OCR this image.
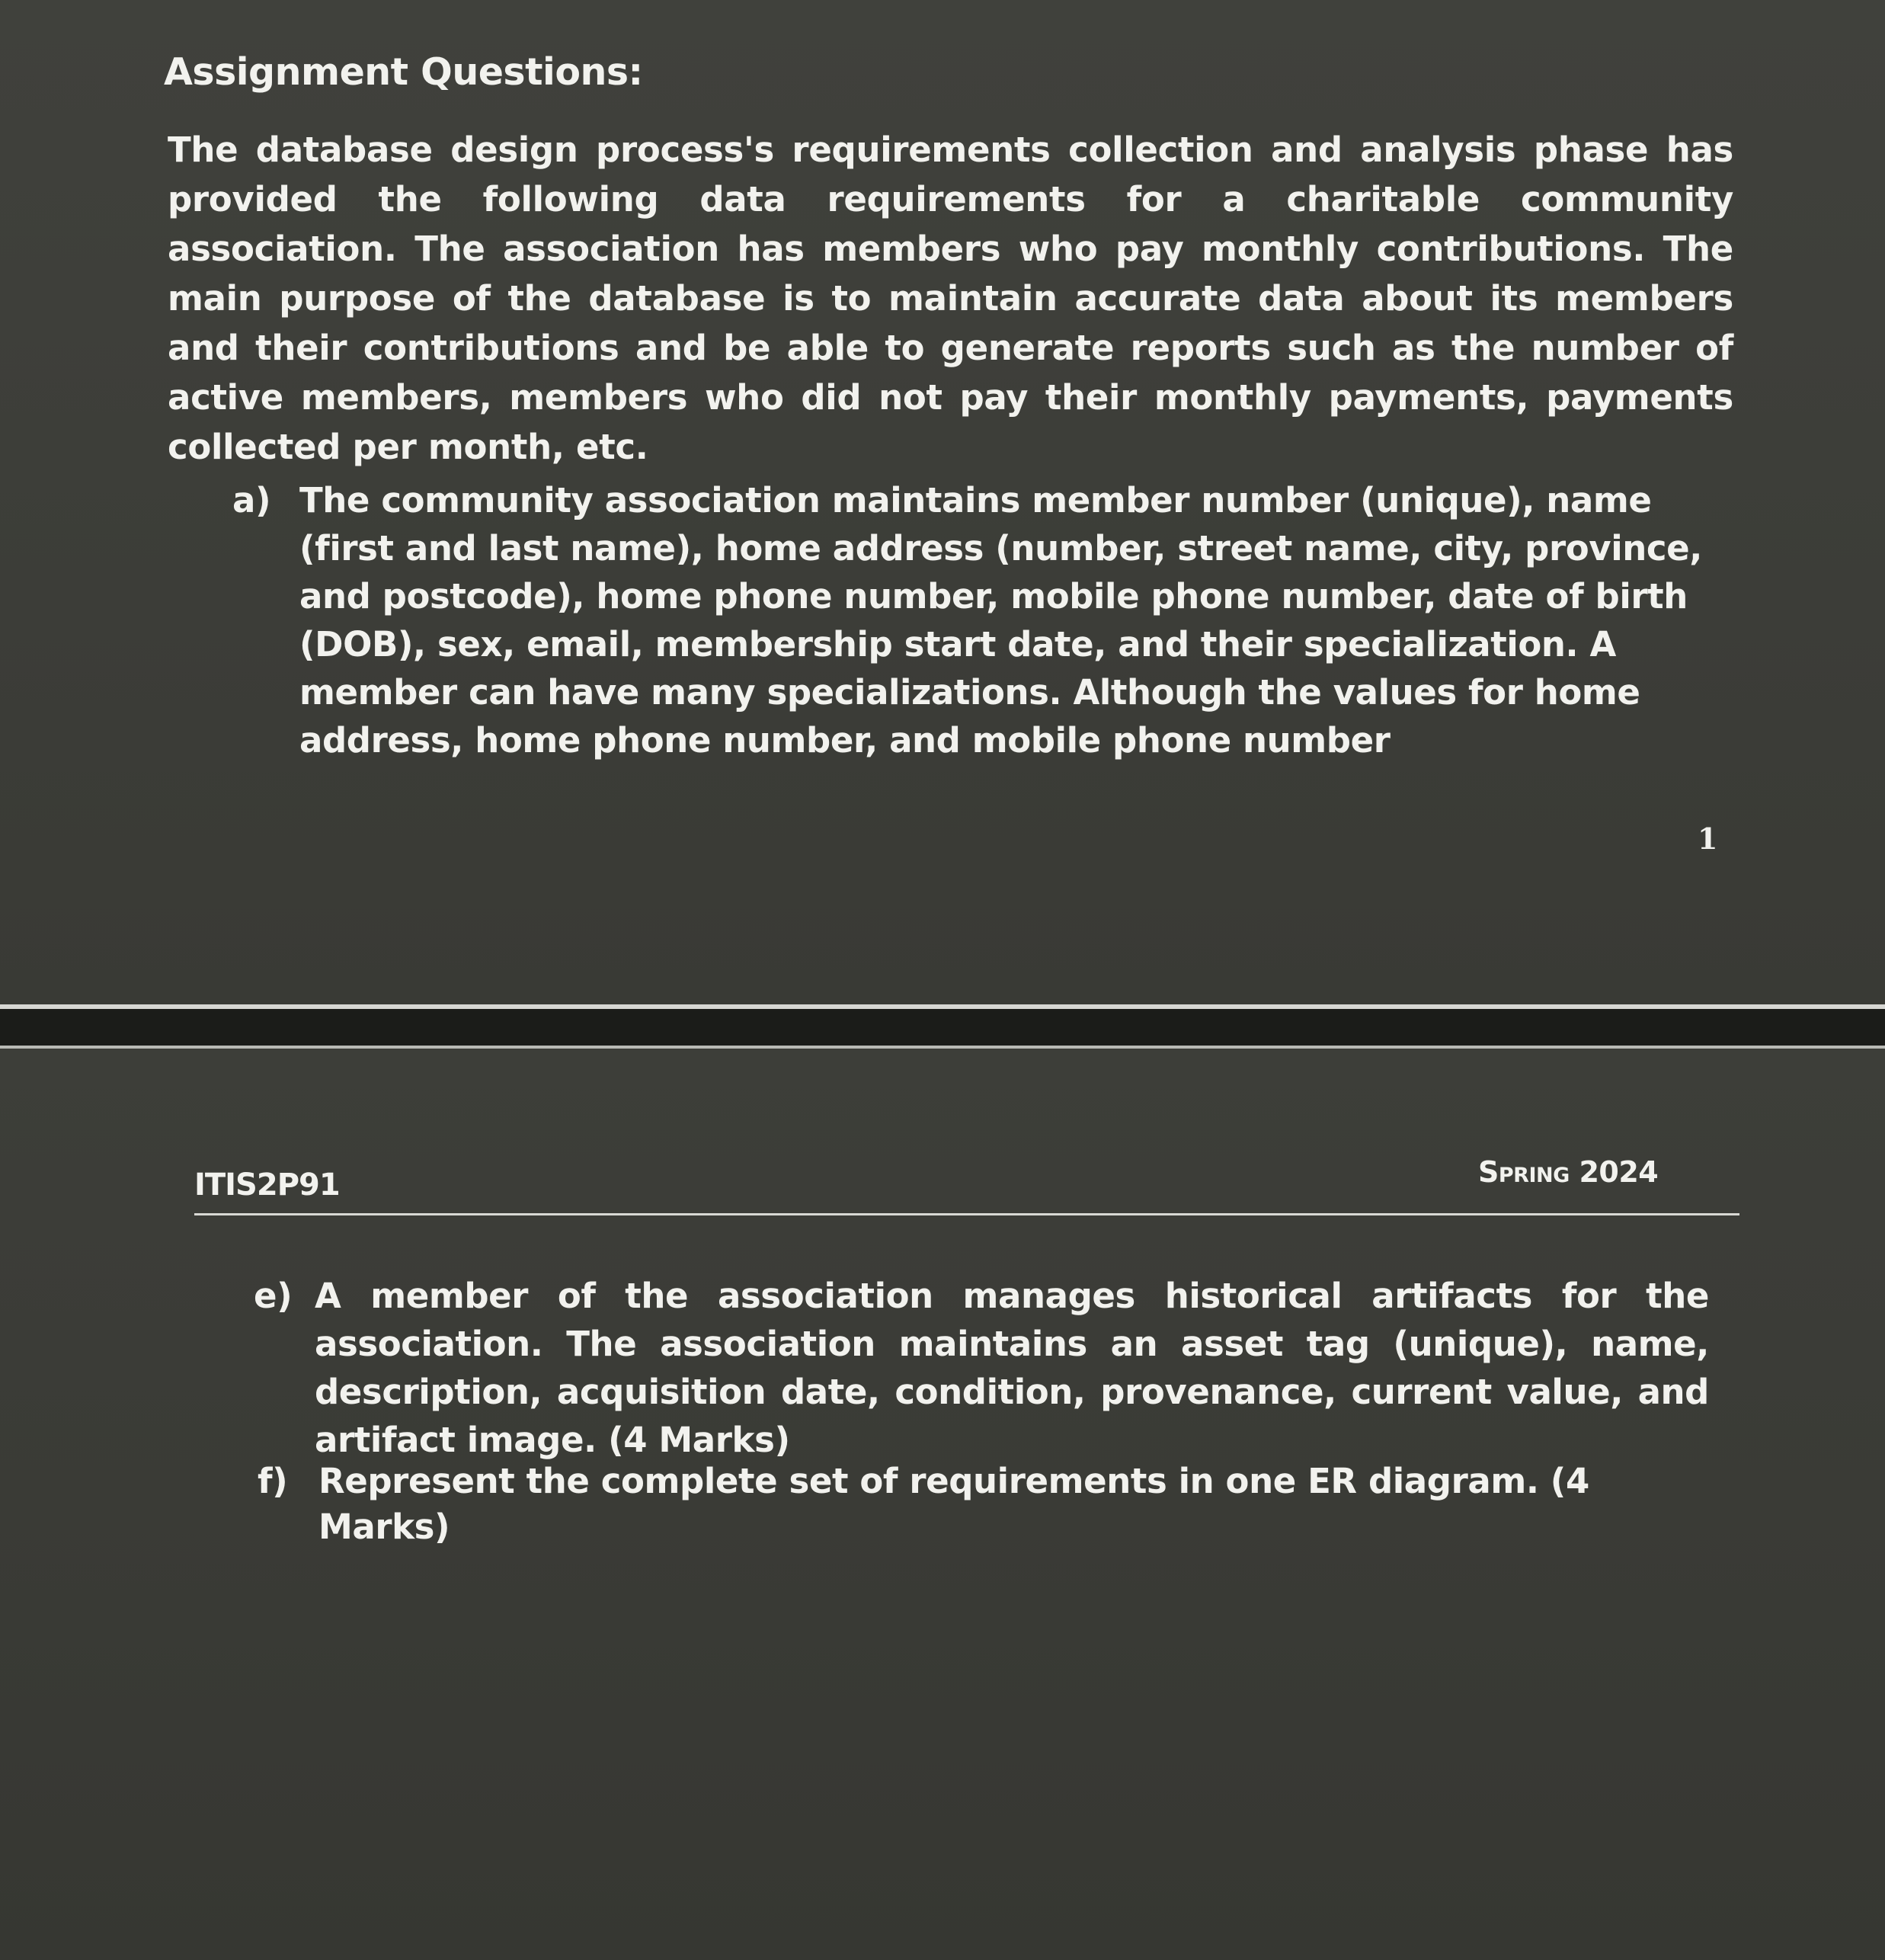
Assignment Questions:
The database design process's requirements collection and analysis phase has provided the following data requirements for a charitable community association. The association has members who pay monthly contributions. The main purpose of the database is to maintain accurate data about its members and their contributions and be able to generate reports such as the number of active members, members who did not pay their monthly payments, payments collected per month, etc.
a) The community association maintains member number (unique), name (first and last name), home address (number, street name, city, province, and postcode), home phone number, mobile phone number, date of birth (DOB), sex, email, membership start date, and their specialization. A member can have many specializations. Although the values for home address, home phone number, and mobile phone number
1
ITIS2P91	Spring 2024
e) A member of the association manages historical artifacts for the association. The association maintains an asset tag (unique), name, description, acquisition date, condition, provenance, current value, and artifact image. (4 Marks)
f) Represent the complete set of requirements in one ER diagram. (4 Marks)
